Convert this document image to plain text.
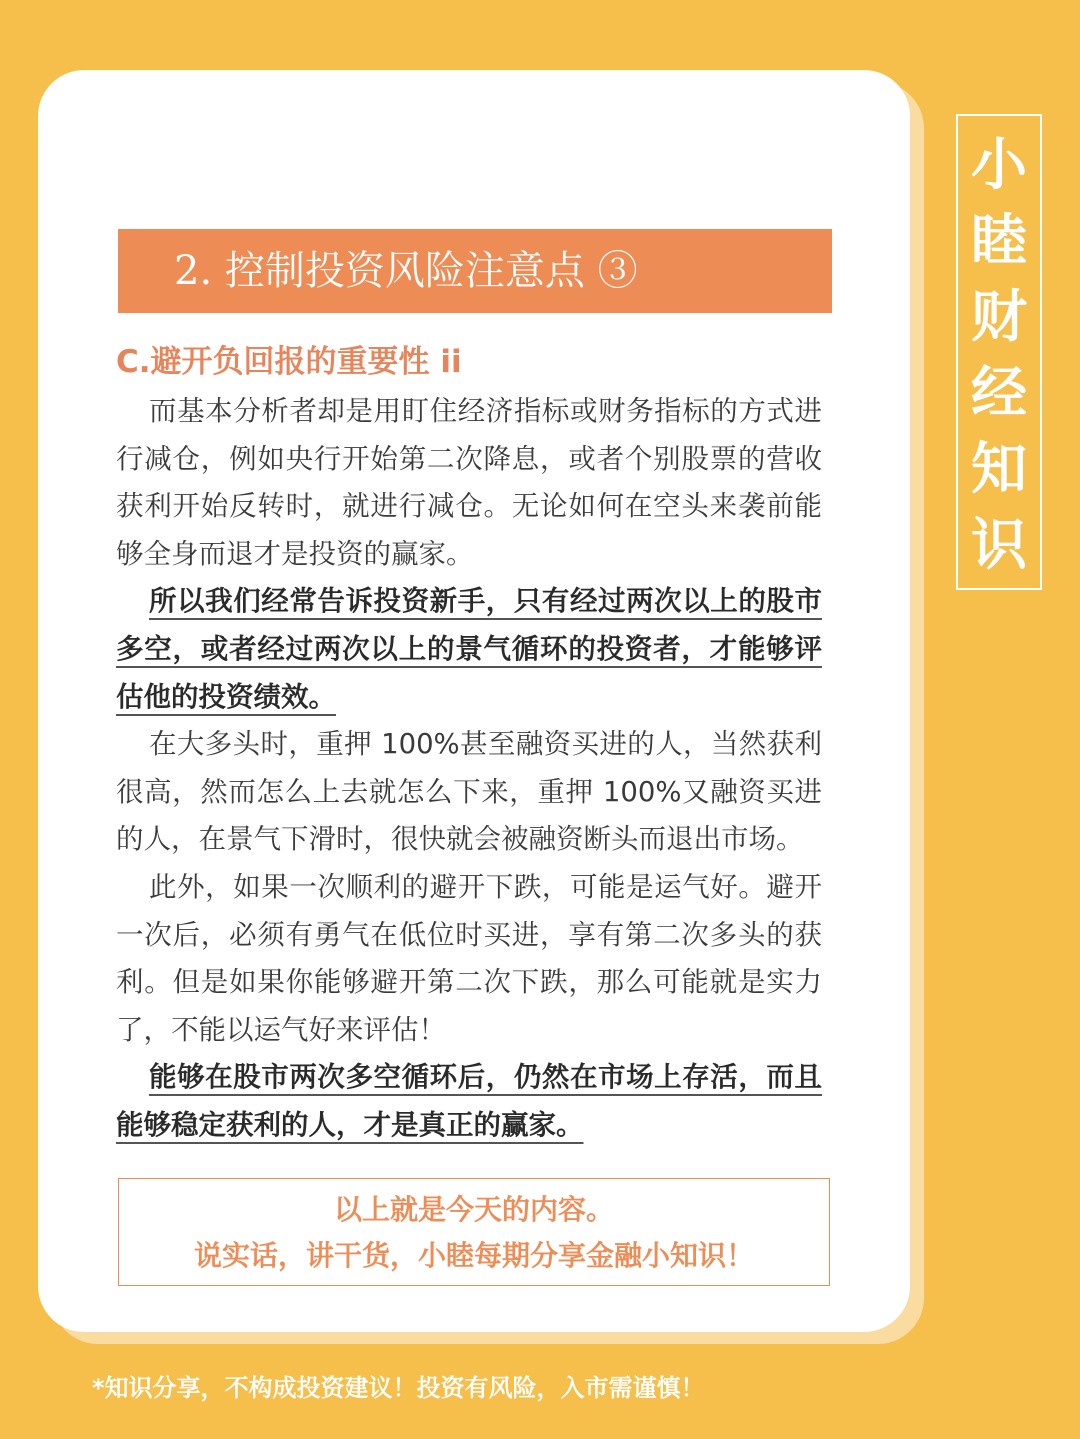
2. 控制投资风险注意点 ③
C.避开负回报的重要性 ii

而基本分析者却是用盯住经济指标或财务指标的方式进行减仓，例如央行开始第二次降息，或者个别股票的营收获利开始反转时，就进行减仓。无论如何在空头来袭前能够全身而退才是投资的赢家。

所以我们经常告诉投资新手，只有经过两次以上的股市多空，或者经过两次以上的景气循环的投资者，才能够评估他的投资绩效。

在大多头时，重押 100%甚至融资买进的人，当然获利很高，然而怎么上去就怎么下来，重押 100%又融资买进的人，在景气下滑时，很快就会被融资断头而退出市场。

此外，如果一次顺利的避开下跌，可能是运气好。避开一次后，必须有勇气在低位时买进，享有第二次多头的获利。但是如果你能够避开第二次下跌，那么可能就是实力了，不能以运气好来评估！

能够在股市两次多空循环后，仍然在市场上存活，而且能够稳定获利的人，才是真正的赢家。

以上就是今天的内容。
说实话，讲干货，小睦每期分享金融小知识！
小
睦
财
经
知
识
*知识分享，不构成投资建议！投资有风险，入市需谨慎！
